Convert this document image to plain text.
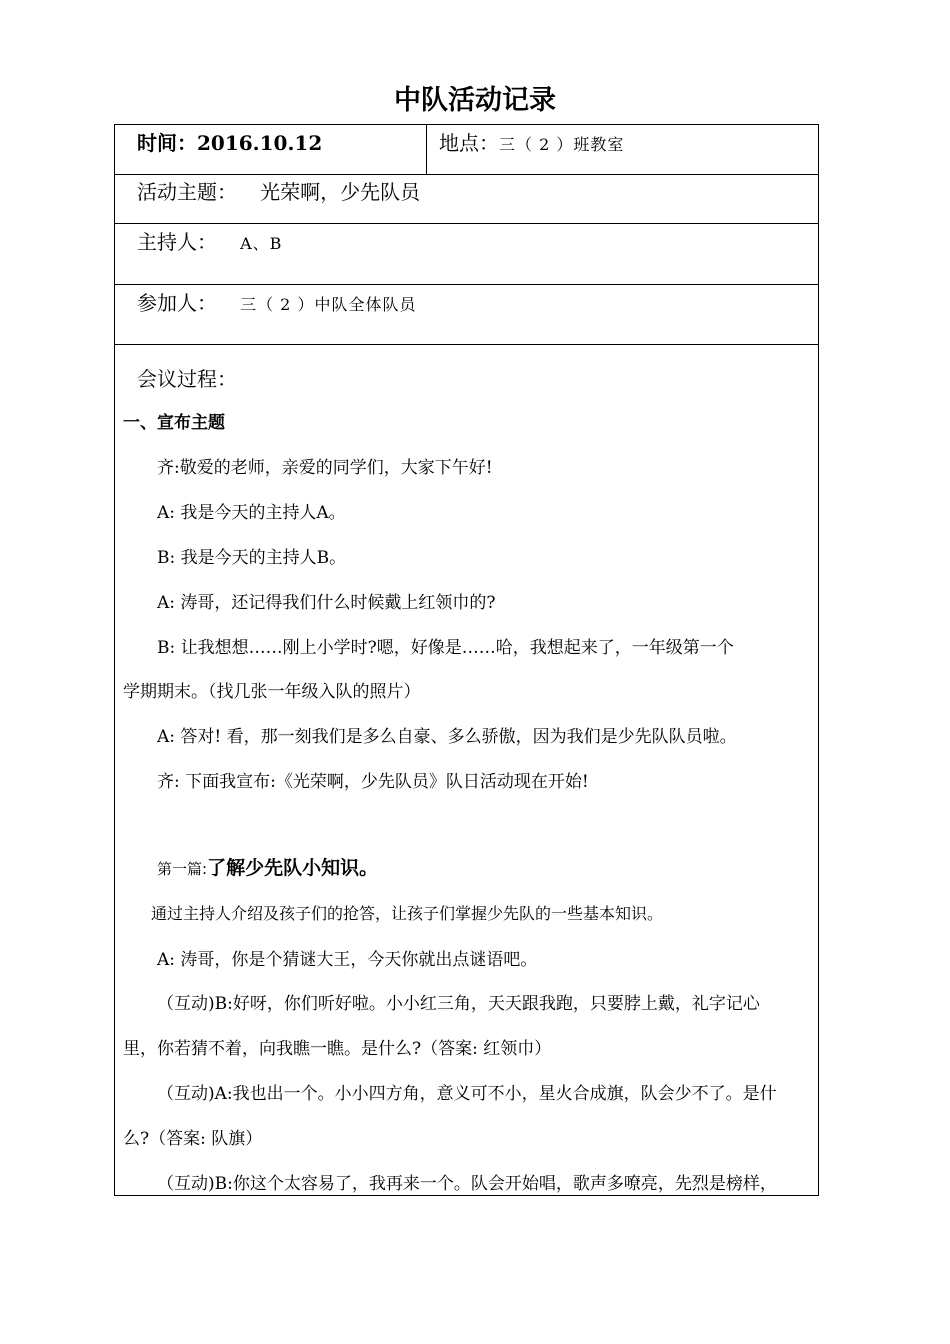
中队活动记录
时间：2016.10.12	地点：三（ 2 ）班教室
活动主题： 光荣啊，少先队员
主持人： A、B
参加人： 三（ 2 ）中队全体队员
会议过程：
一、宣布主题
齐:敬爱的老师，亲爱的同学们，大家下午好!
A: 我是今天的主持人A。
B: 我是今天的主持人B。
A: 涛哥，还记得我们什么时候戴上红领巾的?
B: 让我想想……刚上小学时?嗯，好像是……哈，我想起来了，一年级第一个
学期期末。（找几张一年级入队的照片）
A: 答对! 看，那一刻我们是多么自豪、多么骄傲，因为我们是少先队队员啦。
齐: 下面我宣布:《光荣啊，少先队员》队日活动现在开始!
第一篇:了解少先队小知识。
通过主持人介绍及孩子们的抢答，让孩子们掌握少先队的一些基本知识。
A: 涛哥，你是个猜谜大王，今天你就出点谜语吧。
（互动)B:好呀，你们听好啦。小小红三角，天天跟我跑，只要脖上戴，礼字记心
里，你若猜不着，向我瞧一瞧。是什么?（答案: 红领巾）
（互动)A:我也出一个。小小四方角，意义可不小，星火合成旗，队会少不了。是什
么?（答案: 队旗）
（互动)B:你这个太容易了，我再来一个。队会开始唱，歌声多嘹亮，先烈是榜样，
